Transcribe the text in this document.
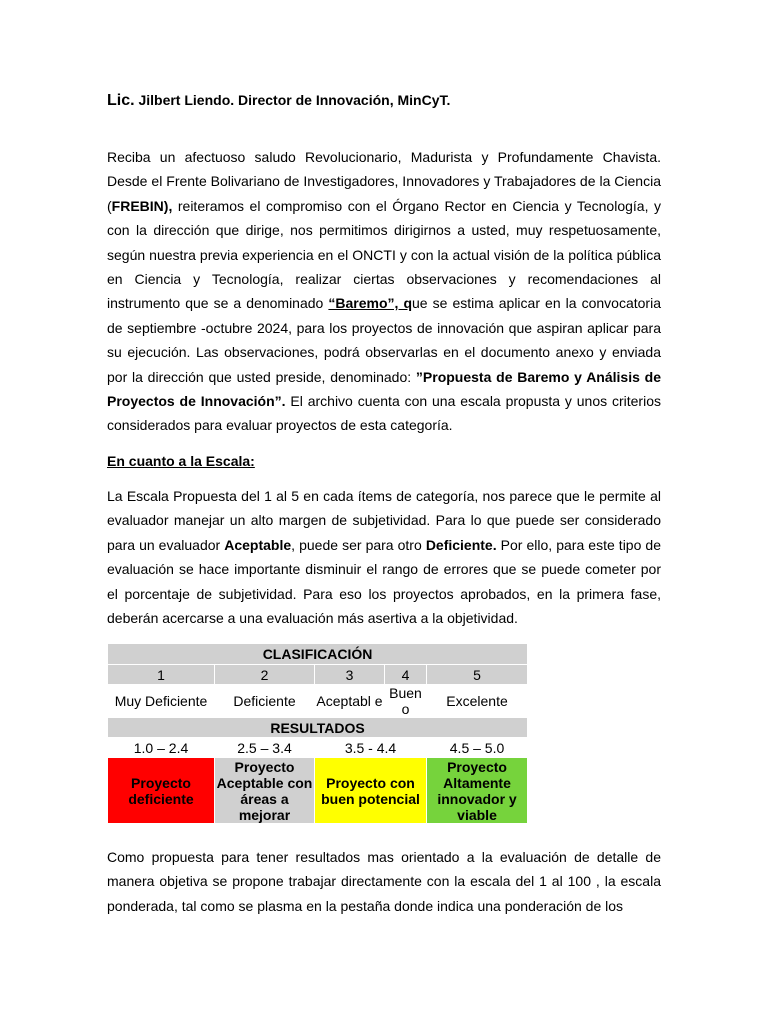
Lic. Jilbert Liendo. Director de Innovación, MinCyT.

Reciba un afectuoso saludo Revolucionario, Madurista y Profundamente Chavista. Desde el Frente Bolivariano de Investigadores, Innovadores y Trabajadores de la Ciencia (FREBIN), reiteramos el compromiso con el Órgano Rector en Ciencia y Tecnología, y con la dirección que dirige, nos permitimos dirigirnos a usted, muy respetuosamente, según nuestra previa experiencia en el ONCTI y con la actual visión de la política pública en Ciencia y Tecnología, realizar ciertas observaciones y recomendaciones al instrumento que se a denominado “Baremo”, que se estima aplicar en la convocatoria de septiembre -octubre 2024, para los proyectos de innovación que aspiran aplicar para su ejecución. Las observaciones, podrá observarlas en el documento anexo y enviada por la dirección que usted preside, denominado: ”Propuesta de Baremo y Análisis de Proyectos de Innovación”. El archivo cuenta con una escala propusta y unos criterios considerados para evaluar proyectos de esta categoría.

En cuanto a la Escala:

La Escala Propuesta del 1 al 5 en cada ítems de categoría, nos parece que le permite al evaluador manejar un alto margen de subjetividad. Para lo que puede ser considerado para un evaluador Aceptable, puede ser para otro Deficiente. Por ello, para este tipo de evaluación se hace importante disminuir el rango de errores que se puede cometer por el porcentaje de subjetividad. Para eso los proyectos aprobados, en la primera fase, deberán acercarse a una evaluación más asertiva a la objetividad.

CLASIFICACIÓN				
1	2	3	4	5
Muy Deficiente	Deficiente	Aceptabl e	Buen o	Excelente
RESULTADOS				
1.0 – 2.4	2.5 – 3.4	3.5 - 4.4		4.5 – 5.0
Proyecto deficiente	Proyecto Aceptable con áreas a mejorar	Proyecto con buen potencial		Proyecto Altamente innovador y viable

Como propuesta para tener resultados mas orientado a la evaluación de detalle de manera objetiva se propone trabajar directamente con la escala del 1 al 100 , la escala ponderada, tal como se plasma en la pestaña donde indica una ponderación de los
